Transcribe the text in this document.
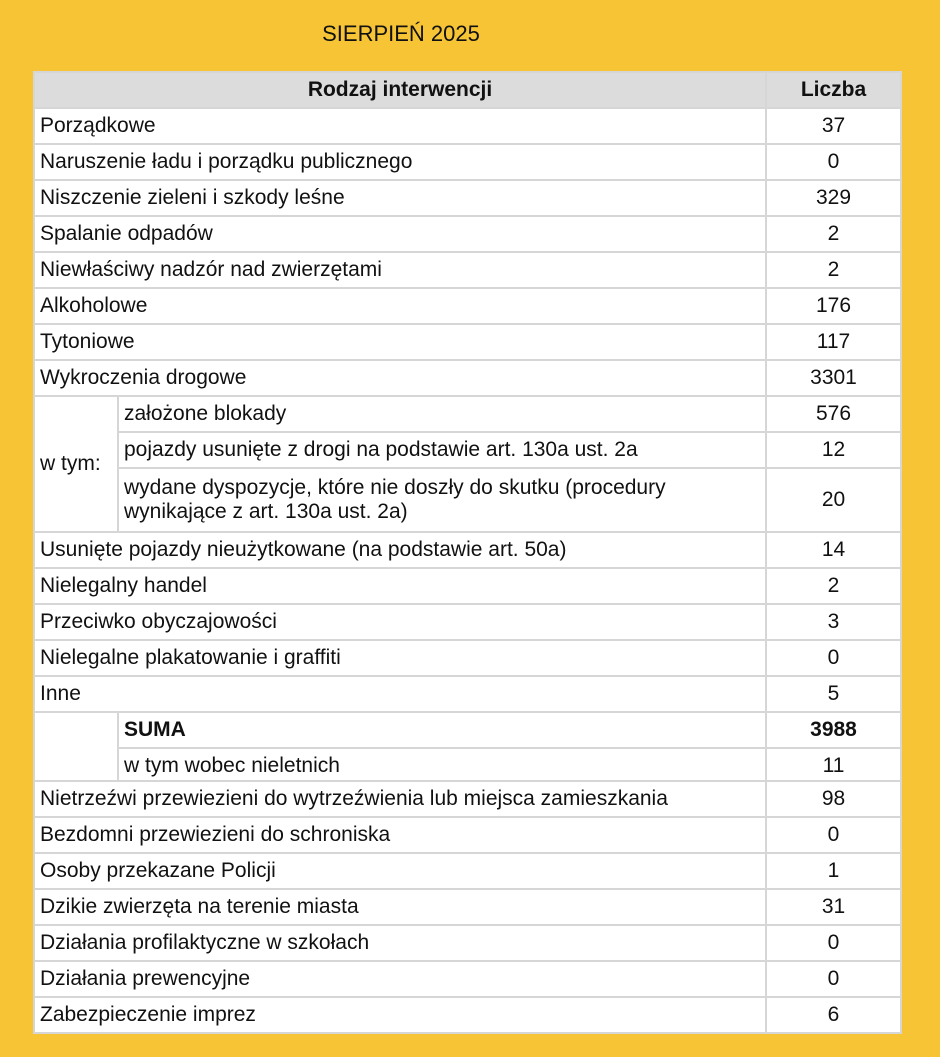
SIERPIEŃ 2025
Rodzaj interwencji		Liczba
Porządkowe		37
Naruszenie ładu i porządku publicznego		0
Niszczenie zieleni i szkody leśne		329
Spalanie odpadów		2
Niewłaściwy nadzór nad zwierzętami		2
Alkoholowe		176
Tytoniowe		117
Wykroczenia drogowe		3301
w tym:	założone blokady	576
	pojazdy usunięte z drogi na podstawie art. 130a ust. 2a	12
	wydane dyspozycje, które nie doszły do skutku (procedury wynikające z art. 130a ust. 2a)	20
Usunięte pojazdy nieużytkowane (na podstawie art. 50a)		14
Nielegalny handel		2
Przeciwko obyczajowości		3
Nielegalne plakatowanie i graffiti		0
Inne		5
	SUMA	3988
	w tym wobec nieletnich	11
Nietrzeźwi przewiezieni do wytrzeźwienia lub miejsca zamieszkania	98
Bezdomni przewiezieni do schroniska	0
Osoby przekazane Policji	1
Dzikie zwierzęta na terenie miasta	31
Działania profilaktyczne w szkołach	0
Działania prewencyjne	0
Zabezpieczenie imprez	6
